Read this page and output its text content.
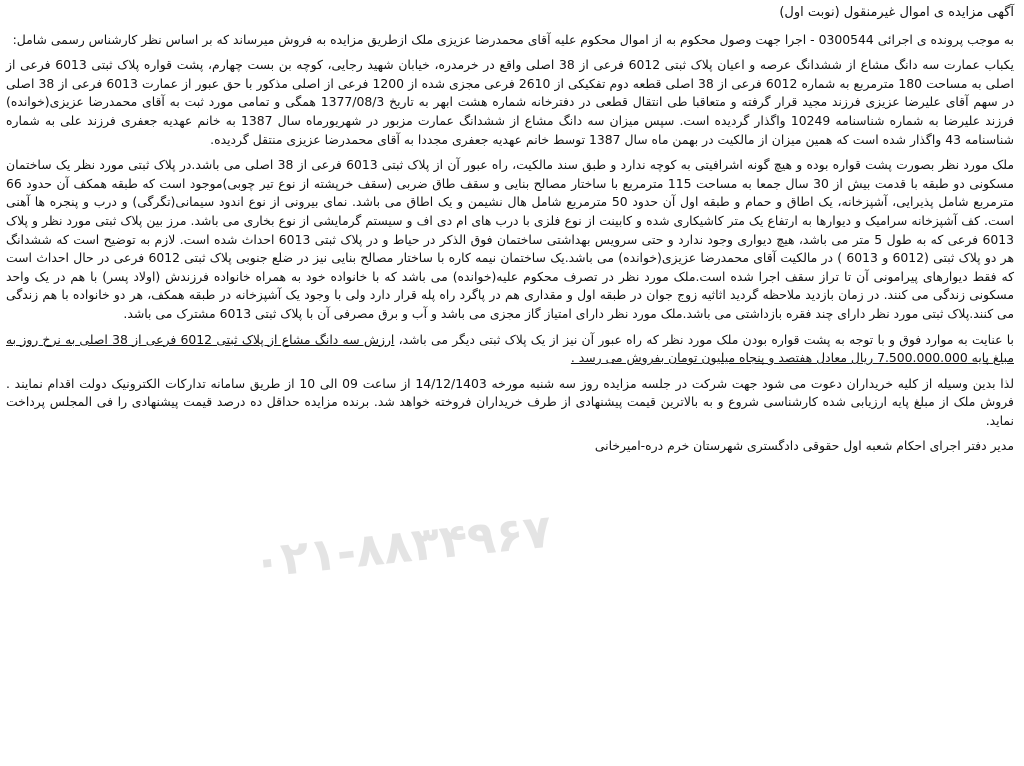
آگهی مزایده ی اموال غیرمنقول (نوبت اول)

به موجب پرونده ی اجرائی 0300544 - اجرا جهت وصول محکوم به از اموال محکوم علیه آقای محمدرضا عزیزی ملک ازطریق مزایده به فروش میرساند که بر اساس نظر کارشناس رسمی شامل:

یکباب عمارت سه دانگ مشاع از ششدانگ عرصه و اعیان پلاک ثبتی 6012 فرعی از 38 اصلی واقع در خرمدره، خیابان شهید رجایی، کوچه بن بست چهارم، پشت قواره پلاک ثبتی 6013 فرعی از اصلی به مساحت 180 مترمربع به شماره 6012 فرعی از 38 اصلی قطعه دوم تفکیکی از 2610 فرعی مجزی شده از 1200 فرعی از اصلی مذکور با حق عبور از عمارت 6013 فرعی از 38 اصلی در سهم آقای علیرضا عزیزی فرزند مجید قرار گرفته و متعاقبا طی انتقال قطعی در دفترخانه شماره هشت ابهر به تاریخ 1377/08/3 همگی و تمامی مورد ثبت به آقای محمدرضا عزیزی(خوانده) فرزند علیرضا به شماره شناسنامه 10249 واگذار گردیده است. سپس میزان سه دانگ مشاع از ششدانگ عمارت مزبور در شهریورماه سال 1387 به خانم عهدیه جعفری فرزند علی به شماره شناسنامه 43 واگذار شده است که همین میزان از مالکیت در بهمن ماه سال 1387 توسط خانم عهدیه جعفری مجددا به آقای محمدرضا عزیزی منتقل گردیده.

ملک مورد نظر بصورت پشت قواره بوده و هیچ گونه اشرافیتی به کوچه ندارد و طبق سند مالکیت، راه عبور آن از پلاک ثبتی 6013 فرعی از 38 اصلی می باشد.در پلاک ثبتی مورد نظر یک ساختمان مسکونی دو طبقه با قدمت بیش از 30 سال جمعا به مساحت 115 مترمربع با ساختار مصالح بنایی و سقف طاق ضربی (سقف خرپشته از نوع تیر چوبی)موجود است که طبقه همکف آن حدود 66 مترمربع شامل پذیرایی، آشپزخانه، یک اطاق و حمام و طبقه اول آن حدود 50 مترمربع شامل هال نشیمن و یک اطاق می باشد. نمای بیرونی از نوع اندود سیمانی(تگرگی) و درب و پنجره ها آهنی است. کف آشپزخانه سرامیک و دیوارها به ارتفاع یک متر کاشیکاری شده و کابینت از نوع فلزی با درب های ام دی اف و سیستم گرمایشی از نوع بخاری می باشد. مرز بین پلاک ثبتی مورد نظر و پلاک 6013 فرعی که به طول 5 متر می باشد، هیچ دیواری وجود ندارد و حتی سرویس بهداشتی ساختمان فوق الذکر در حیاط و در پلاک ثبتی 6013 احداث شده است. لازم به توضیح است که ششدانگ هر دو پلاک ثبتی (6012 و 6013 ) در مالکیت آقای محمدرضا عزیزی(خوانده) می باشد.یک ساختمان نیمه کاره با ساختار مصالح بنایی نیز در ضلع جنوبی پلاک ثبتی 6012 فرعی در حال احداث است که فقط دیوارهای پیرامونی آن تا تراز سقف اجرا شده است.ملک مورد نظر در تصرف محکوم علیه(خوانده) می باشد که با خانواده خود به همراه خانواده فرزندش (اولاد پسر) با هم در یک واحد مسکونی زندگی می کنند. در زمان بازدید ملاحظه گردید اثاثیه زوج جوان در طبقه اول و مقداری هم در پاگرد راه پله قرار دارد ولی با وجود یک آشپزخانه در طبقه همکف، هر دو خانواده با هم زندگی می کنند.پلاک ثبتی مورد نظر دارای چند فقره بازداشتی می باشد.ملک مورد نظر دارای امتیاز گاز مجزی می باشد و آب و برق مصرفی آن با پلاک ثبتی 6013 مشترک می باشد.

با عنایت به موارد فوق و با توجه به پشت قواره بودن ملک مورد نظر که راه عبور آن نیز از یک پلاک ثبتی دیگر می باشد، ارزش سه دانگ مشاع از پلاک ثبتی 6012 فرعی از 38 اصلی به نرخ روز به مبلغ پایه 7.500.000.000 ریال معادل هفتصد و پنجاه میلیون تومان بفروش می رسد .

لذا بدین وسیله از کلیه خریداران دعوت می شود جهت شرکت در جلسه مزایده روز سه شنبه مورخه 14/12/1403 از ساعت 09 الی 10 از طریق سامانه تدارکات الکترونیک دولت اقدام نمایند . فروش ملک از مبلغ پایه ارزیابی شده کارشناسی شروع و به بالاترین قیمت پیشنهادی از طرف خریداران فروخته خواهد شد. برنده مزایده حداقل ده درصد قیمت پیشنهادی را فی المجلس پرداخت نماید.

مدیر دفتر اجرای احکام شعبه اول حقوقی دادگستری شهرستان خرم دره-امیرخانی

۰۲۱-۸۸۳۴۹۶۷
